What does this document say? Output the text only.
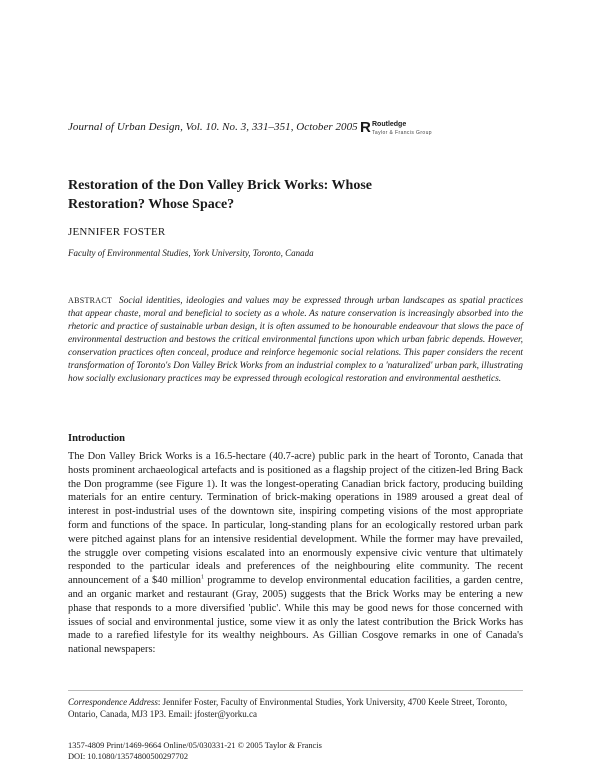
Journal of Urban Design, Vol. 10. No. 3, 331–351, October 2005 R Routledge
Taylor & Francis Group
Restoration of the Don Valley Brick Works: Whose Restoration? Whose Space?
JENNIFER FOSTER
Faculty of Environmental Studies, York University, Toronto, Canada
ABSTRACT Social identities, ideologies and values may be expressed through urban landscapes as spatial practices that appear chaste, moral and beneficial to society as a whole. As nature conservation is increasingly absorbed into the rhetoric and practice of sustainable urban design, it is often assumed to be honourable endeavour that slows the pace of environmental destruction and bestows the critical environmental functions upon which urban fabric depends. However, conservation practices often conceal, produce and reinforce hegemonic social relations. This paper considers the recent transformation of Toronto's Don Valley Brick Works from an industrial complex to a 'naturalized' urban park, illustrating how socially exclusionary practices may be expressed through ecological restoration and environmental aesthetics.
Introduction
The Don Valley Brick Works is a 16.5-hectare (40.7-acre) public park in the heart of Toronto, Canada that hosts prominent archaeological artefacts and is positioned as a flagship project of the citizen-led Bring Back the Don programme (see Figure 1). It was the longest-operating Canadian brick factory, producing building materials for an entire century. Termination of brick-making operations in 1989 aroused a great deal of interest in post-industrial uses of the downtown site, inspiring competing visions of the most appropriate form and functions of the space. In particular, long-standing plans for an ecologically restored urban park were pitched against plans for an intensive residential development. While the former may have prevailed, the struggle over competing visions escalated into an enormously expensive civic venture that ultimately responded to the particular ideals and preferences of the neighbouring elite community. The recent announcement of a $40 million$^1$ programme to develop environmental education facilities, a garden centre, and an organic market and restaurant (Gray, 2005) suggests that the Brick Works may be entering a new phase that responds to a more diversified 'public'. While this may be good news for those concerned with issues of social and environmental justice, some view it as only the latest contribution the Brick Works has made to a rarefied lifestyle for its wealthy neighbours. As Gillian Cosgove remarks in one of Canada's national newspapers:
Correspondence Address: Jennifer Foster, Faculty of Environmental Studies, York University, 4700 Keele Street, Toronto, Ontario, Canada, MJ3 1P3. Email: jfoster@yorku.ca
1357-4809 Print/1469-9664 Online/05/030331-21 © 2005 Taylor & Francis
DOI: 10.1080/13574800500297702
